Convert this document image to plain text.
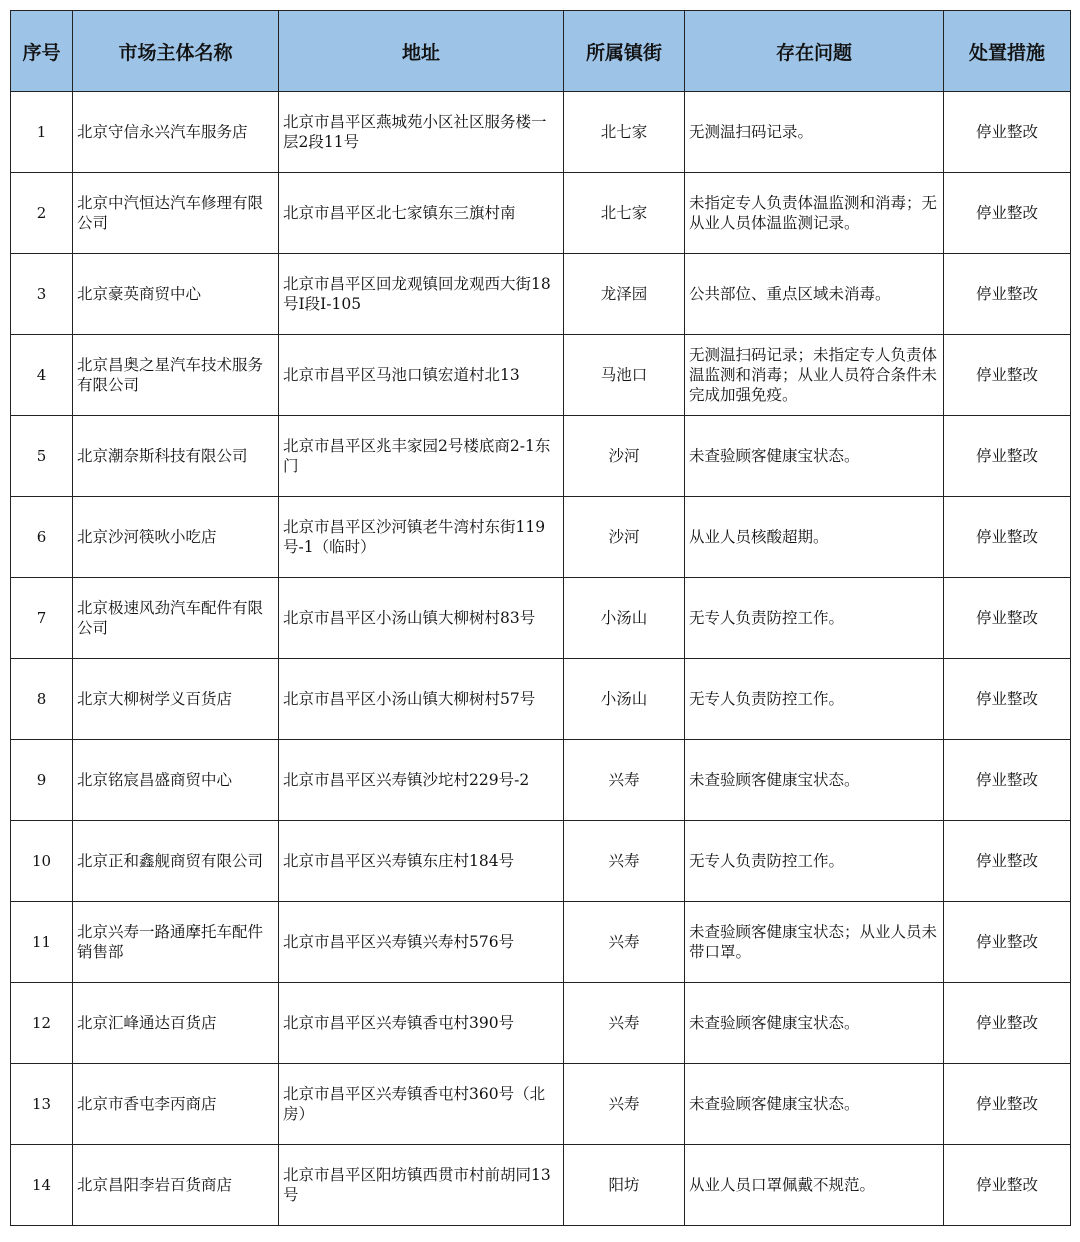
序号	市场主体名称	地址	所属镇街	存在问题	处置措施
1	北京守信永兴汽车服务店	北京市昌平区燕城苑小区社区服务楼一层2段11号	北七家	无测温扫码记录。	停业整改
2	北京中汽恒达汽车修理有限公司	北京市昌平区北七家镇东三旗村南	北七家	未指定专人负责体温监测和消毒；无从业人员体温监测记录。	停业整改
3	北京豪英商贸中心	北京市昌平区回龙观镇回龙观西大街18号I段I-105	龙泽园	公共部位、重点区域未消毒。	停业整改
4	北京昌奥之星汽车技术服务有限公司	北京市昌平区马池口镇宏道村北13	马池口	无测温扫码记录；未指定专人负责体温监测和消毒；从业人员符合条件未完成加强免疫。	停业整改
5	北京潮奈斯科技有限公司	北京市昌平区兆丰家园2号楼底商2-1东门	沙河	未查验顾客健康宝状态。	停业整改
6	北京沙河筷吙小吃店	北京市昌平区沙河镇老牛湾村东街119号-1（临时）	沙河	从业人员核酸超期。	停业整改
7	北京极速风劲汽车配件有限公司	北京市昌平区小汤山镇大柳树村83号	小汤山	无专人负责防控工作。	停业整改
8	北京大柳树学义百货店	北京市昌平区小汤山镇大柳树村57号	小汤山	无专人负责防控工作。	停业整改
9	北京铭宸昌盛商贸中心	北京市昌平区兴寿镇沙坨村229号-2	兴寿	未查验顾客健康宝状态。	停业整改
10	北京正和鑫舰商贸有限公司	北京市昌平区兴寿镇东庄村184号	兴寿	无专人负责防控工作。	停业整改
11	北京兴寿一路通摩托车配件销售部	北京市昌平区兴寿镇兴寿村576号	兴寿	未查验顾客健康宝状态；从业人员未带口罩。	停业整改
12	北京汇峰通达百货店	北京市昌平区兴寿镇香屯村390号	兴寿	未查验顾客健康宝状态。	停业整改
13	北京市香屯李丙商店	北京市昌平区兴寿镇香屯村360号（北房）	兴寿	未查验顾客健康宝状态。	停业整改
14	北京昌阳李岩百货商店	北京市昌平区阳坊镇西贯市村前胡同13号	阳坊	从业人员口罩佩戴不规范。	停业整改
